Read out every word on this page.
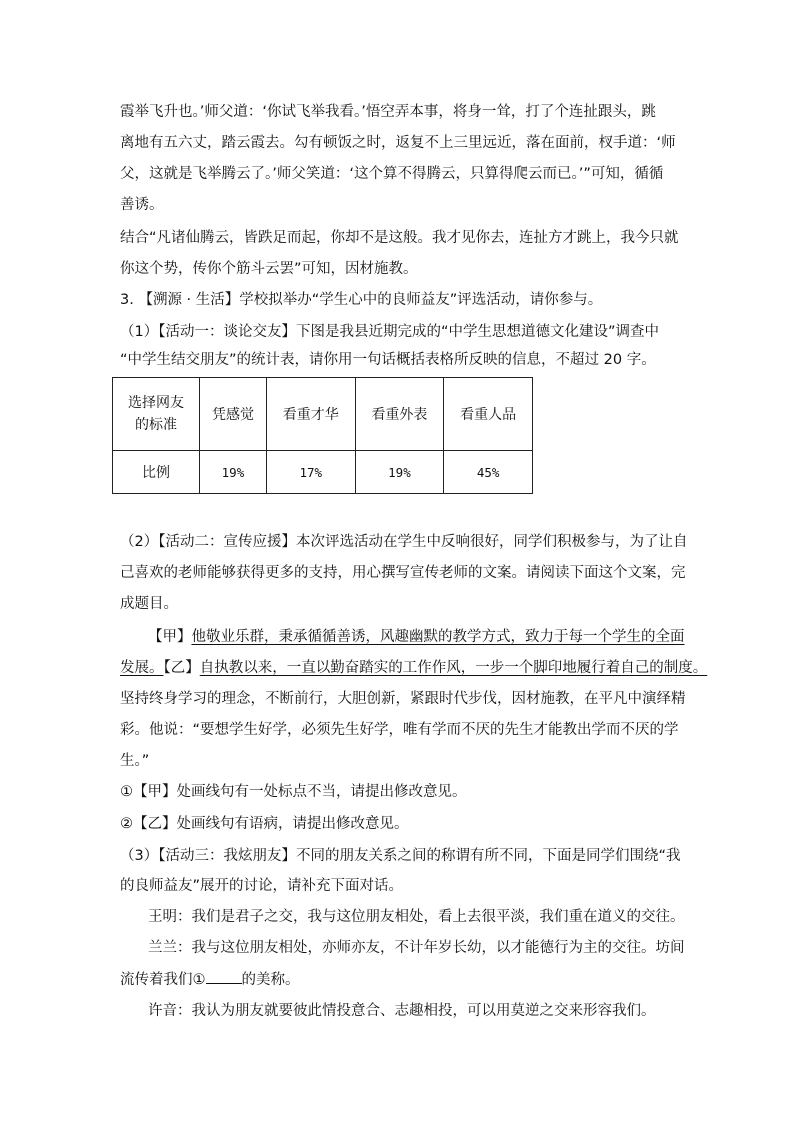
霞举飞升也。’师父道：‘你试飞举我看。’悟空弄本事，将身一耸，打了个连扯跟头，跳
离地有五六丈，踏云霞去。勾有顿饭之时，返复不上三里远近，落在面前，杈手道：‘师
父，这就是飞举腾云了。’师父笑道：‘这个算不得腾云，只算得爬云而已。’”可知，循循
善诱。
结合“凡诸仙腾云，皆跌足而起，你却不是这般。我才见你去，连扯方才跳上，我今只就
你这个势，传你个筋斗云罢”可知，因材施教。
3. 【溯源 · 生活】学校拟举办“学生心中的良师益友”评选活动，请你参与。
（1）【活动一：谈论交友】下图是我县近期完成的“中学生思想道德文化建设”调查中
“中学生结交朋友”的统计表，请你用一句话概括表格所反映的信息，不超过 20 字。
选择网友
的标准	凭感觉	看重才华	看重外表	看重人品
比例	19%	17%	19%	45%
（2）【活动二：宣传应援】本次评选活动在学生中反响很好，同学们积极参与，为了让自
己喜欢的老师能够获得更多的支持，用心撰写宣传老师的文案。请阅读下面这个文案，完
成题目。
【甲】他敬业乐群，秉承循循善诱，风趣幽默的教学方式，致力于每一个学生的全面
发展。【乙】自执教以来，一直以勤奋踏实的工作作风，一步一个脚印地履行着自己的制度。
坚持终身学习的理念，不断前行，大胆创新，紧跟时代步伐，因材施教，在平凡中演绎精
彩。他说：“要想学生好学，必须先生好学，唯有学而不厌的先生才能教出学而不厌的学
生。”
①【甲】处画线句有一处标点不当，请提出修改意见。
②【乙】处画线句有语病，请提出修改意见。
（3）【活动三：我炫朋友】不同的朋友关系之间的称谓有所不同，下面是同学们围绕“我
的良师益友”展开的讨论，请补充下面对话。
王明：我们是君子之交，我与这位朋友相处，看上去很平淡，我们重在道义的交往。
兰兰：我与这位朋友相处，亦师亦友，不计年岁长幼，以才能德行为主的交往。坊间
流传着我们① 的美称。
许音：我认为朋友就要彼此情投意合、志趣相投，可以用莫逆之交来形容我们。
